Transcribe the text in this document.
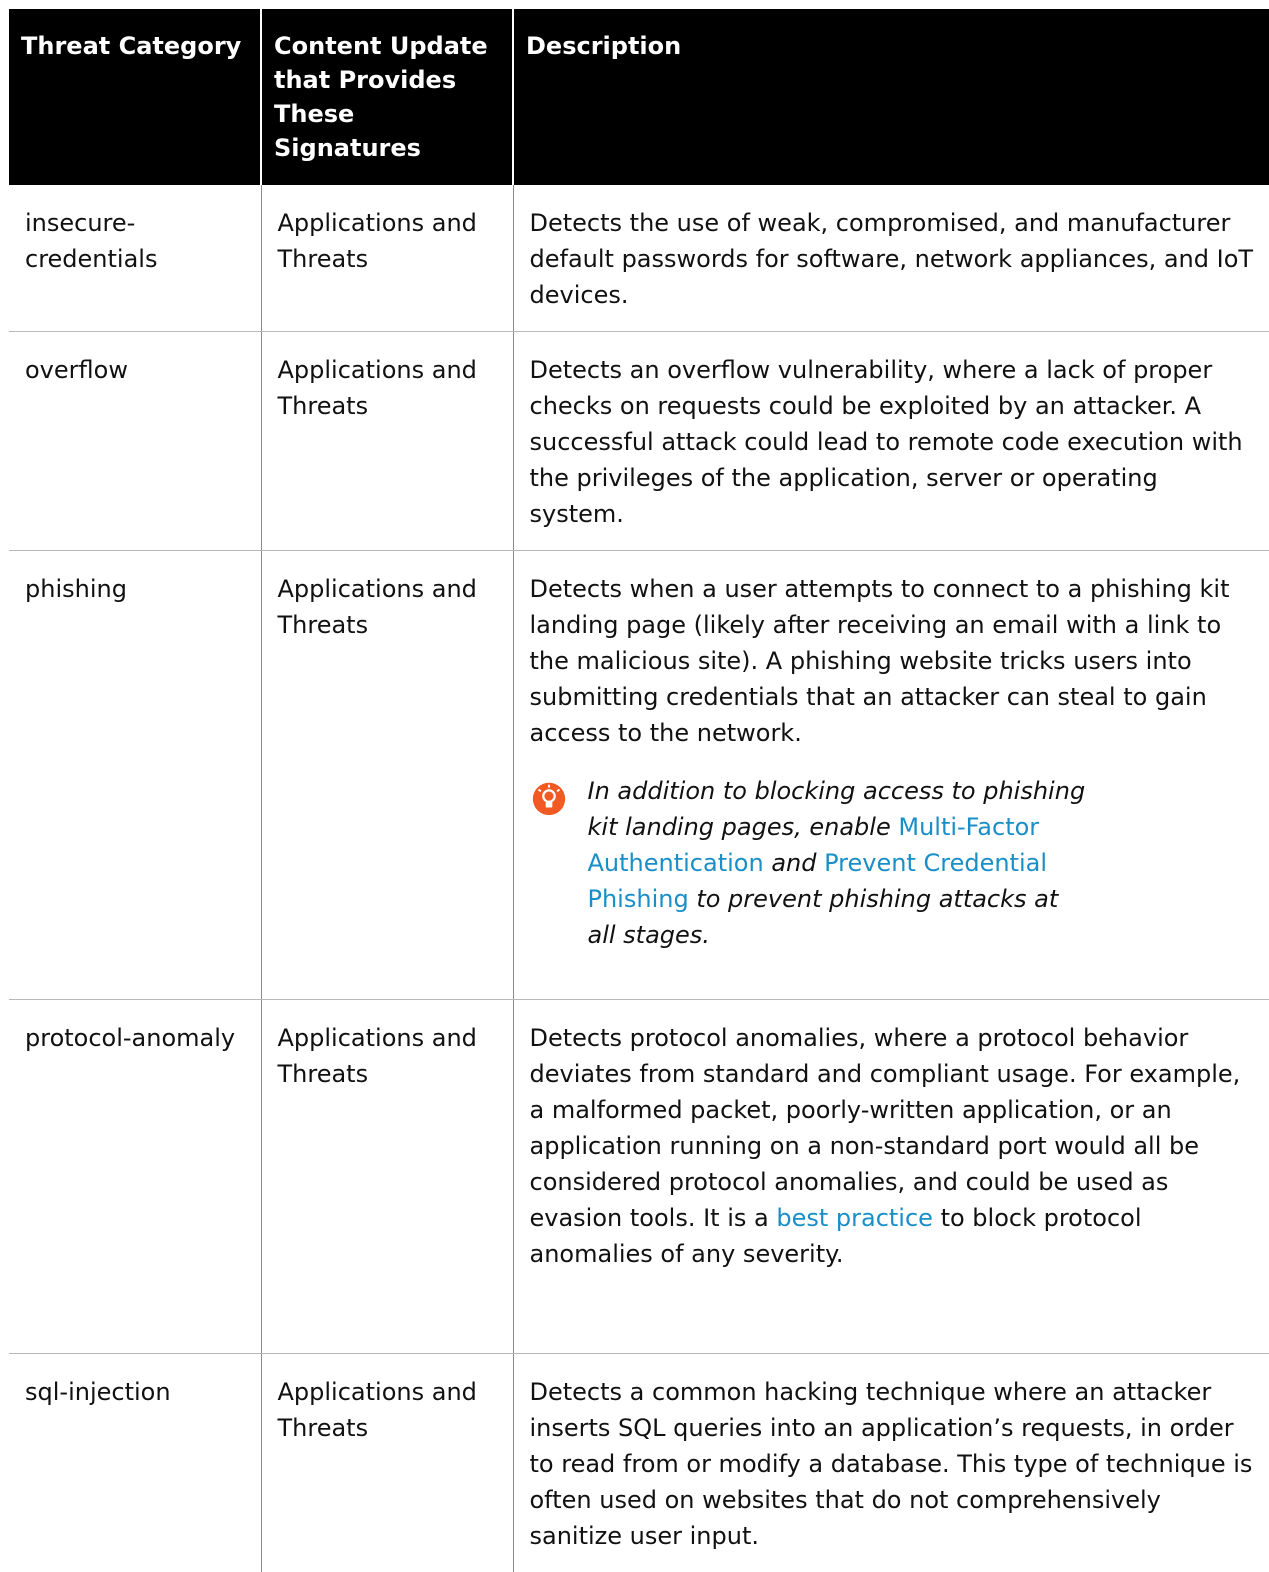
Threat Category	Content Update that Provides These Signatures	Description
insecure-credentials	Applications and Threats	Detects the use of weak, compromised, and manufacturer default passwords for software, network appliances, and IoT devices.

overflow	Applications and Threats	Detects an overflow vulnerability, where a lack of proper checks on requests could be exploited by an attacker. A successful attack could lead to remote code execution with the privileges of the application, server or operating system.

phishing	Applications and Threats	Detects when a user attempts to connect to a phishing kit landing page (likely after receiving an email with a link to the malicious site). A phishing website tricks users into submitting credentials that an attacker can steal to gain access to the network.
In addition to blocking access to phishing kit landing pages, enable Multi-Factor Authentication and Prevent Credential Phishing to prevent phishing attacks at all stages.

protocol-anomaly	Applications and Threats	Detects protocol anomalies, where a protocol behavior deviates from standard and compliant usage. For example, a malformed packet, poorly-written application, or an application running on a non-standard port would all be considered protocol anomalies, and could be used as evasion tools. It is a best practice to block protocol anomalies of any severity.

sql-injection	Applications and Threats	Detects a common hacking technique where an attacker inserts SQL queries into an application’s requests, in order to read from or modify a database. This type of technique is often used on websites that do not comprehensively sanitize user input.
